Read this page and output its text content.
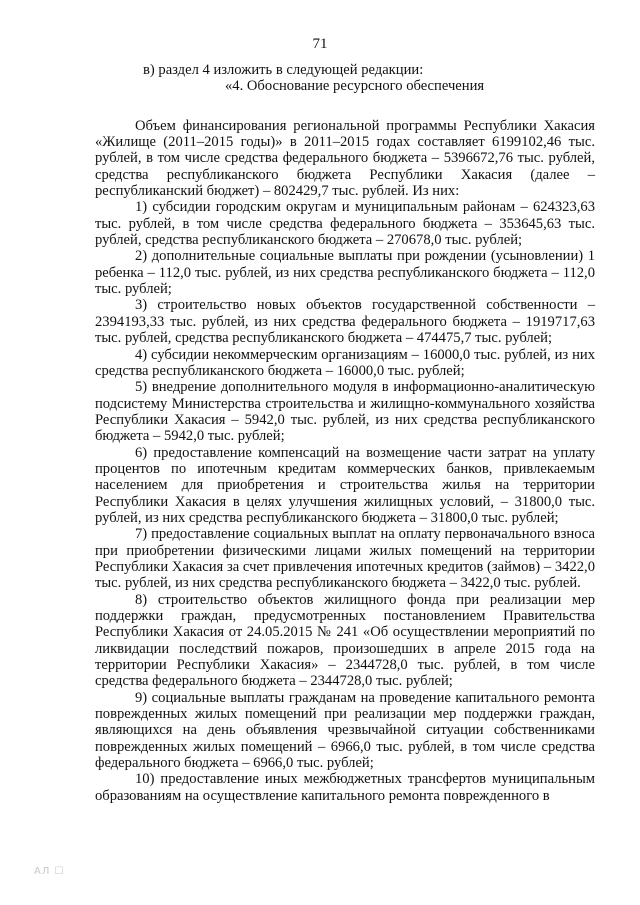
71

в) раздел 4 изложить в следующей редакции:

«4. Обоснование ресурсного обеспечения

Объем финансирования региональной программы Республики Хакасия «Жилище (2011–2015 годы)» в 2011–2015 годах составляет 6199102,46 тыс. рублей, в том числе средства федерального бюджета – 5396672,76 тыс. рублей, средства республиканского бюджета Республики Хакасия (далее – республиканский бюджет) – 802429,7 тыс. рублей. Из них:

1) субсидии городским округам и муниципальным районам – 624323,63 тыс. рублей, в том числе средства федерального бюджета – 353645,63 тыс. рублей, средства республиканского бюджета – 270678,0 тыс. рублей;

2) дополнительные социальные выплаты при рождении (усыновлении) 1 ребенка – 112,0 тыс. рублей, из них средства республиканского бюджета – 112,0 тыс. рублей;

3) строительство новых объектов государственной собственности – 2394193,33 тыс. рублей, из них средства федерального бюджета – 1919717,63 тыс. рублей, средства республиканского бюджета – 474475,7 тыс. рублей;

4) субсидии некоммерческим организациям – 16000,0 тыс. рублей, из них средства республиканского бюджета – 16000,0 тыс. рублей;

5) внедрение дополнительного модуля в информационно-аналитическую подсистему Министерства строительства и жилищно-коммунального хозяйства Республики Хакасия – 5942,0 тыс. рублей, из них средства республиканского бюджета – 5942,0 тыс. рублей;

6) предоставление компенсаций на возмещение части затрат на уплату процентов по ипотечным кредитам коммерческих банков, привлекаемым населением для приобретения и строительства жилья на территории Республики Хакасия в целях улучшения жилищных условий, – 31800,0 тыс. рублей, из них средства республиканского бюджета – 31800,0 тыс. рублей;

7) предоставление социальных выплат на оплату первоначального взноса при приобретении физическими лицами жилых помещений на территории Республики Хакасия за счет привлечения ипотечных кредитов (займов) – 3422,0 тыс. рублей, из них средства республиканского бюджета – 3422,0 тыс. рублей.

8) строительство объектов жилищного фонда при реализации мер поддержки граждан, предусмотренных постановлением Правительства Республики Хакасия от 24.05.2015 № 241 «Об осуществлении мероприятий по ликвидации последствий пожаров, произошедших в апреле 2015 года на территории Республики Хакасия» – 2344728,0 тыс. рублей, в том числе средства федерального бюджета – 2344728,0 тыс. рублей;

9) социальные выплаты гражданам на проведение капитального ремонта поврежденных жилых помещений при реализации мер поддержки граждан, являющихся на день объявления чрезвычайной ситуации собственниками поврежденных жилых помещений – 6966,0 тыс. рублей, в том числе средства федерального бюджета – 6966,0 тыс. рублей;

10) предоставление иных межбюджетных трансфертов муниципальным образованиям на осуществление капитального ремонта поврежденного в

АЛ ☐
